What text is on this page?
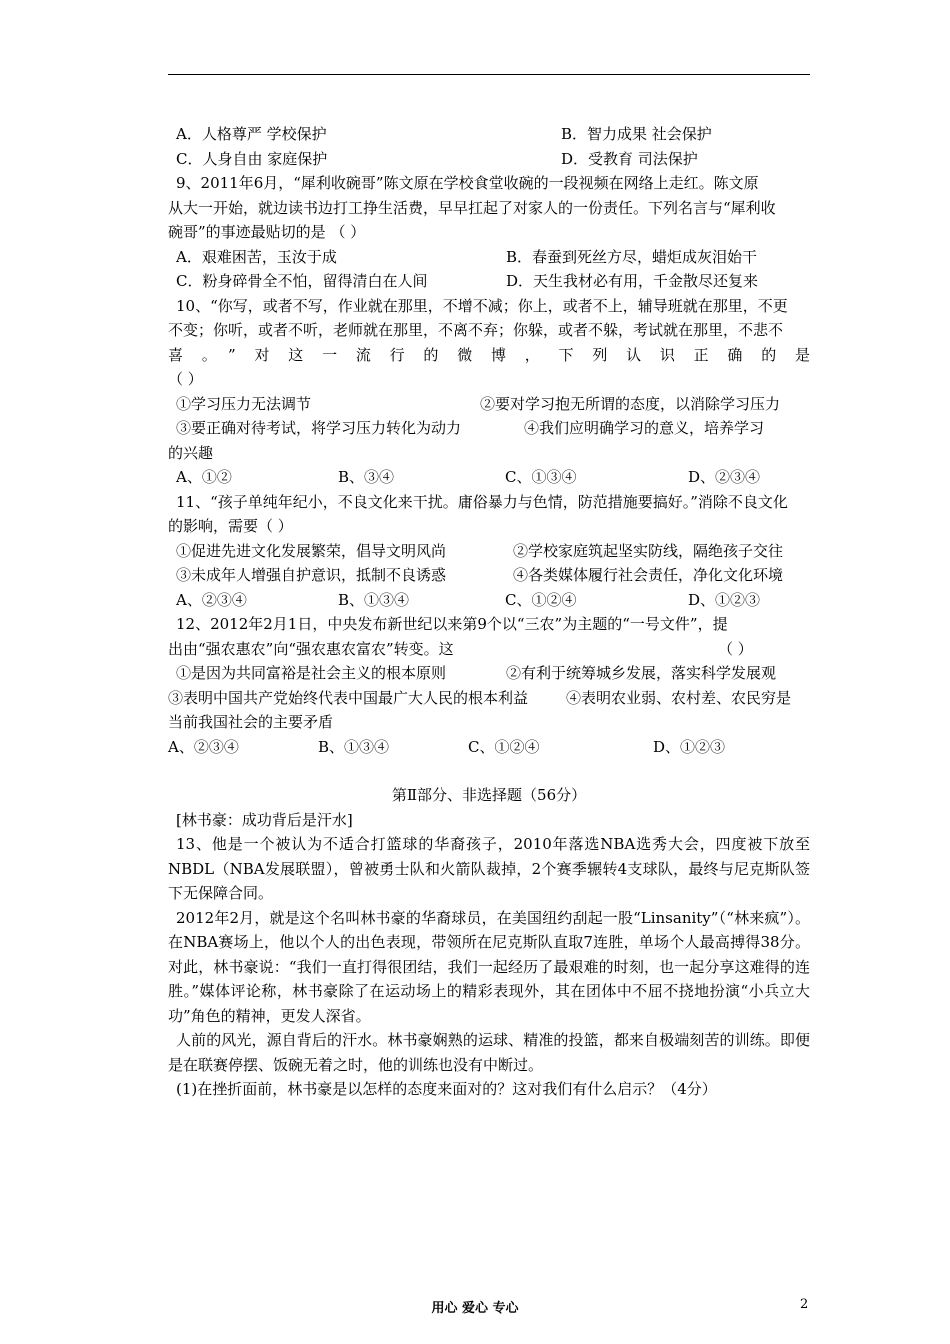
A．人格尊严 学校保护	B．智力成果 社会保护
C．人身自由 家庭保护	D．受教育 司法保护
9、2011年6月，“犀利收碗哥”陈文原在学校食堂收碗的一段视频在网络上走红。陈文原
从大一开始，就边读书边打工挣生活费，早早扛起了对家人的一份责任。下列名言与“犀利收
碗哥”的事迹最贴切的是 （ ）
A．艰难困苦，玉汝于成	B．春蚕到死丝方尽，蜡炬成灰泪始干
C．粉身碎骨全不怕，留得清白在人间	D．天生我材必有用，千金散尽还复来
10、“你写，或者不写，作业就在那里，不增不减；你上，或者不上，辅导班就在那里，不更
不变；你听，或者不听，老师就在那里，不离不弃；你躲，或者不躲，考试就在那里，不悲不
喜。”对这一流行的微博，下列认识正确的是
（ ）
①学习压力无法调节	②要对学习抱无所谓的态度，以消除学习压力
③要正确对待考试，将学习压力转化为动力	④我们应明确学习的意义，培养学习
的兴趣
A、①②	B、③④	C、①③④	D、②③④
11、“孩子单纯年纪小，不良文化来干扰。庸俗暴力与色情，防范措施要搞好。”消除不良文化
的影响，需要（ ）
①促进先进文化发展繁荣，倡导文明风尚	②学校家庭筑起坚实防线，隔绝孩子交往
③未成年人增强自护意识，抵制不良诱惑	④各类媒体履行社会责任，净化文化环境
A、②③④	B、①③④	C、①②④	D、①②③
12、2012年2月1日，中央发布新世纪以来第9个以“三农”为主题的“一号文件”，提
出由“强农惠农”向“强农惠农富农”转变。这	（ ）
①是因为共同富裕是社会主义的根本原则	②有利于统筹城乡发展，落实科学发展观
③表明中国共产党始终代表中国最广大人民的根本利益	④表明农业弱、农村差、农民穷是
当前我国社会的主要矛盾
A、②③④	B、①③④	C、①②④	D、①②③
第Ⅱ部分、非选择题（56分）
[林书豪：成功背后是汗水]
13、他是一个被认为不适合打篮球的华裔孩子，2010年落选NBA选秀大会，四度被下放至NBDL（NBA发展联盟），曾被勇士队和火箭队裁掉，2个赛季辗转4支球队，最终与尼克斯队签下无保障合同。
2012年2月，就是这个名叫林书豪的华裔球员，在美国纽约刮起一股“Linsanity”（“林来疯”）。在NBA赛场上，他以个人的出色表现，带领所在尼克斯队直取7连胜，单场个人最高搏得38分。对此，林书豪说：“我们一直打得很团结，我们一起经历了最艰难的时刻，也一起分享这难得的连胜。”媒体评论称，林书豪除了在运动场上的精彩表现外，其在团体中不屈不挠地扮演“小兵立大功”角色的精神，更发人深省。
人前的风光，源自背后的汗水。林书豪娴熟的运球、精准的投篮，都来自极端刻苦的训练。即便是在联赛停摆、饭碗无着之时，他的训练也没有中断过。
(1)在挫折面前，林书豪是以怎样的态度来面对的？这对我们有什么启示？（4分）
用心 爱心 专心	2
